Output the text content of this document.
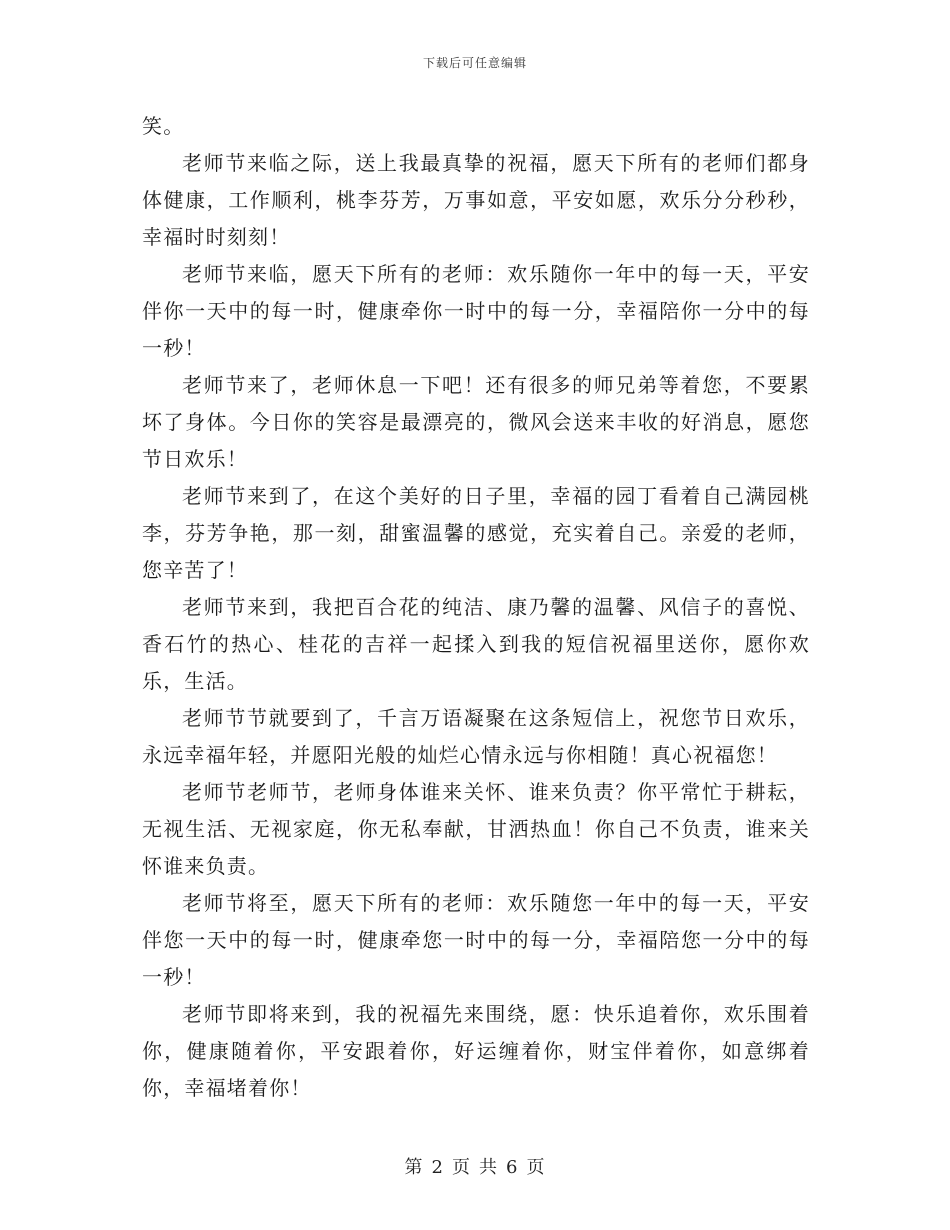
下载后可任意编辑

笑。

老师节来临之际，送上我最真挚的祝福，愿天下所有的老师们都身体健康，工作顺利，桃李芬芳，万事如意，平安如愿，欢乐分分秒秒，幸福时时刻刻！

老师节来临，愿天下所有的老师：欢乐随你一年中的每一天，平安伴你一天中的每一时，健康牵你一时中的每一分，幸福陪你一分中的每一秒！

老师节来了，老师休息一下吧！还有很多的师兄弟等着您，不要累坏了身体。今日你的笑容是最漂亮的，微风会送来丰收的好消息，愿您节日欢乐！

老师节来到了，在这个美好的日子里，幸福的园丁看着自己满园桃李，芬芳争艳，那一刻，甜蜜温馨的感觉，充实着自己。亲爱的老师，您辛苦了！

老师节来到，我把百合花的纯洁、康乃馨的温馨、风信子的喜悦、香石竹的热心、桂花的吉祥一起揉入到我的短信祝福里送你，愿你欢乐，生活。

老师节节就要到了，千言万语凝聚在这条短信上，祝您节日欢乐，永远幸福年轻，并愿阳光般的灿烂心情永远与你相随！真心祝福您！

老师节老师节，老师身体谁来关怀、谁来负责？你平常忙于耕耘，无视生活、无视家庭，你无私奉献，甘洒热血！你自己不负责，谁来关怀谁来负责。

老师节将至，愿天下所有的老师：欢乐随您一年中的每一天，平安伴您一天中的每一时，健康牵您一时中的每一分，幸福陪您一分中的每一秒！

老师节即将来到，我的祝福先来围绕，愿：快乐追着你，欢乐围着你，健康随着你，平安跟着你，好运缠着你，财宝伴着你，如意绑着你，幸福堵着你！

第 2 页 共 6 页
